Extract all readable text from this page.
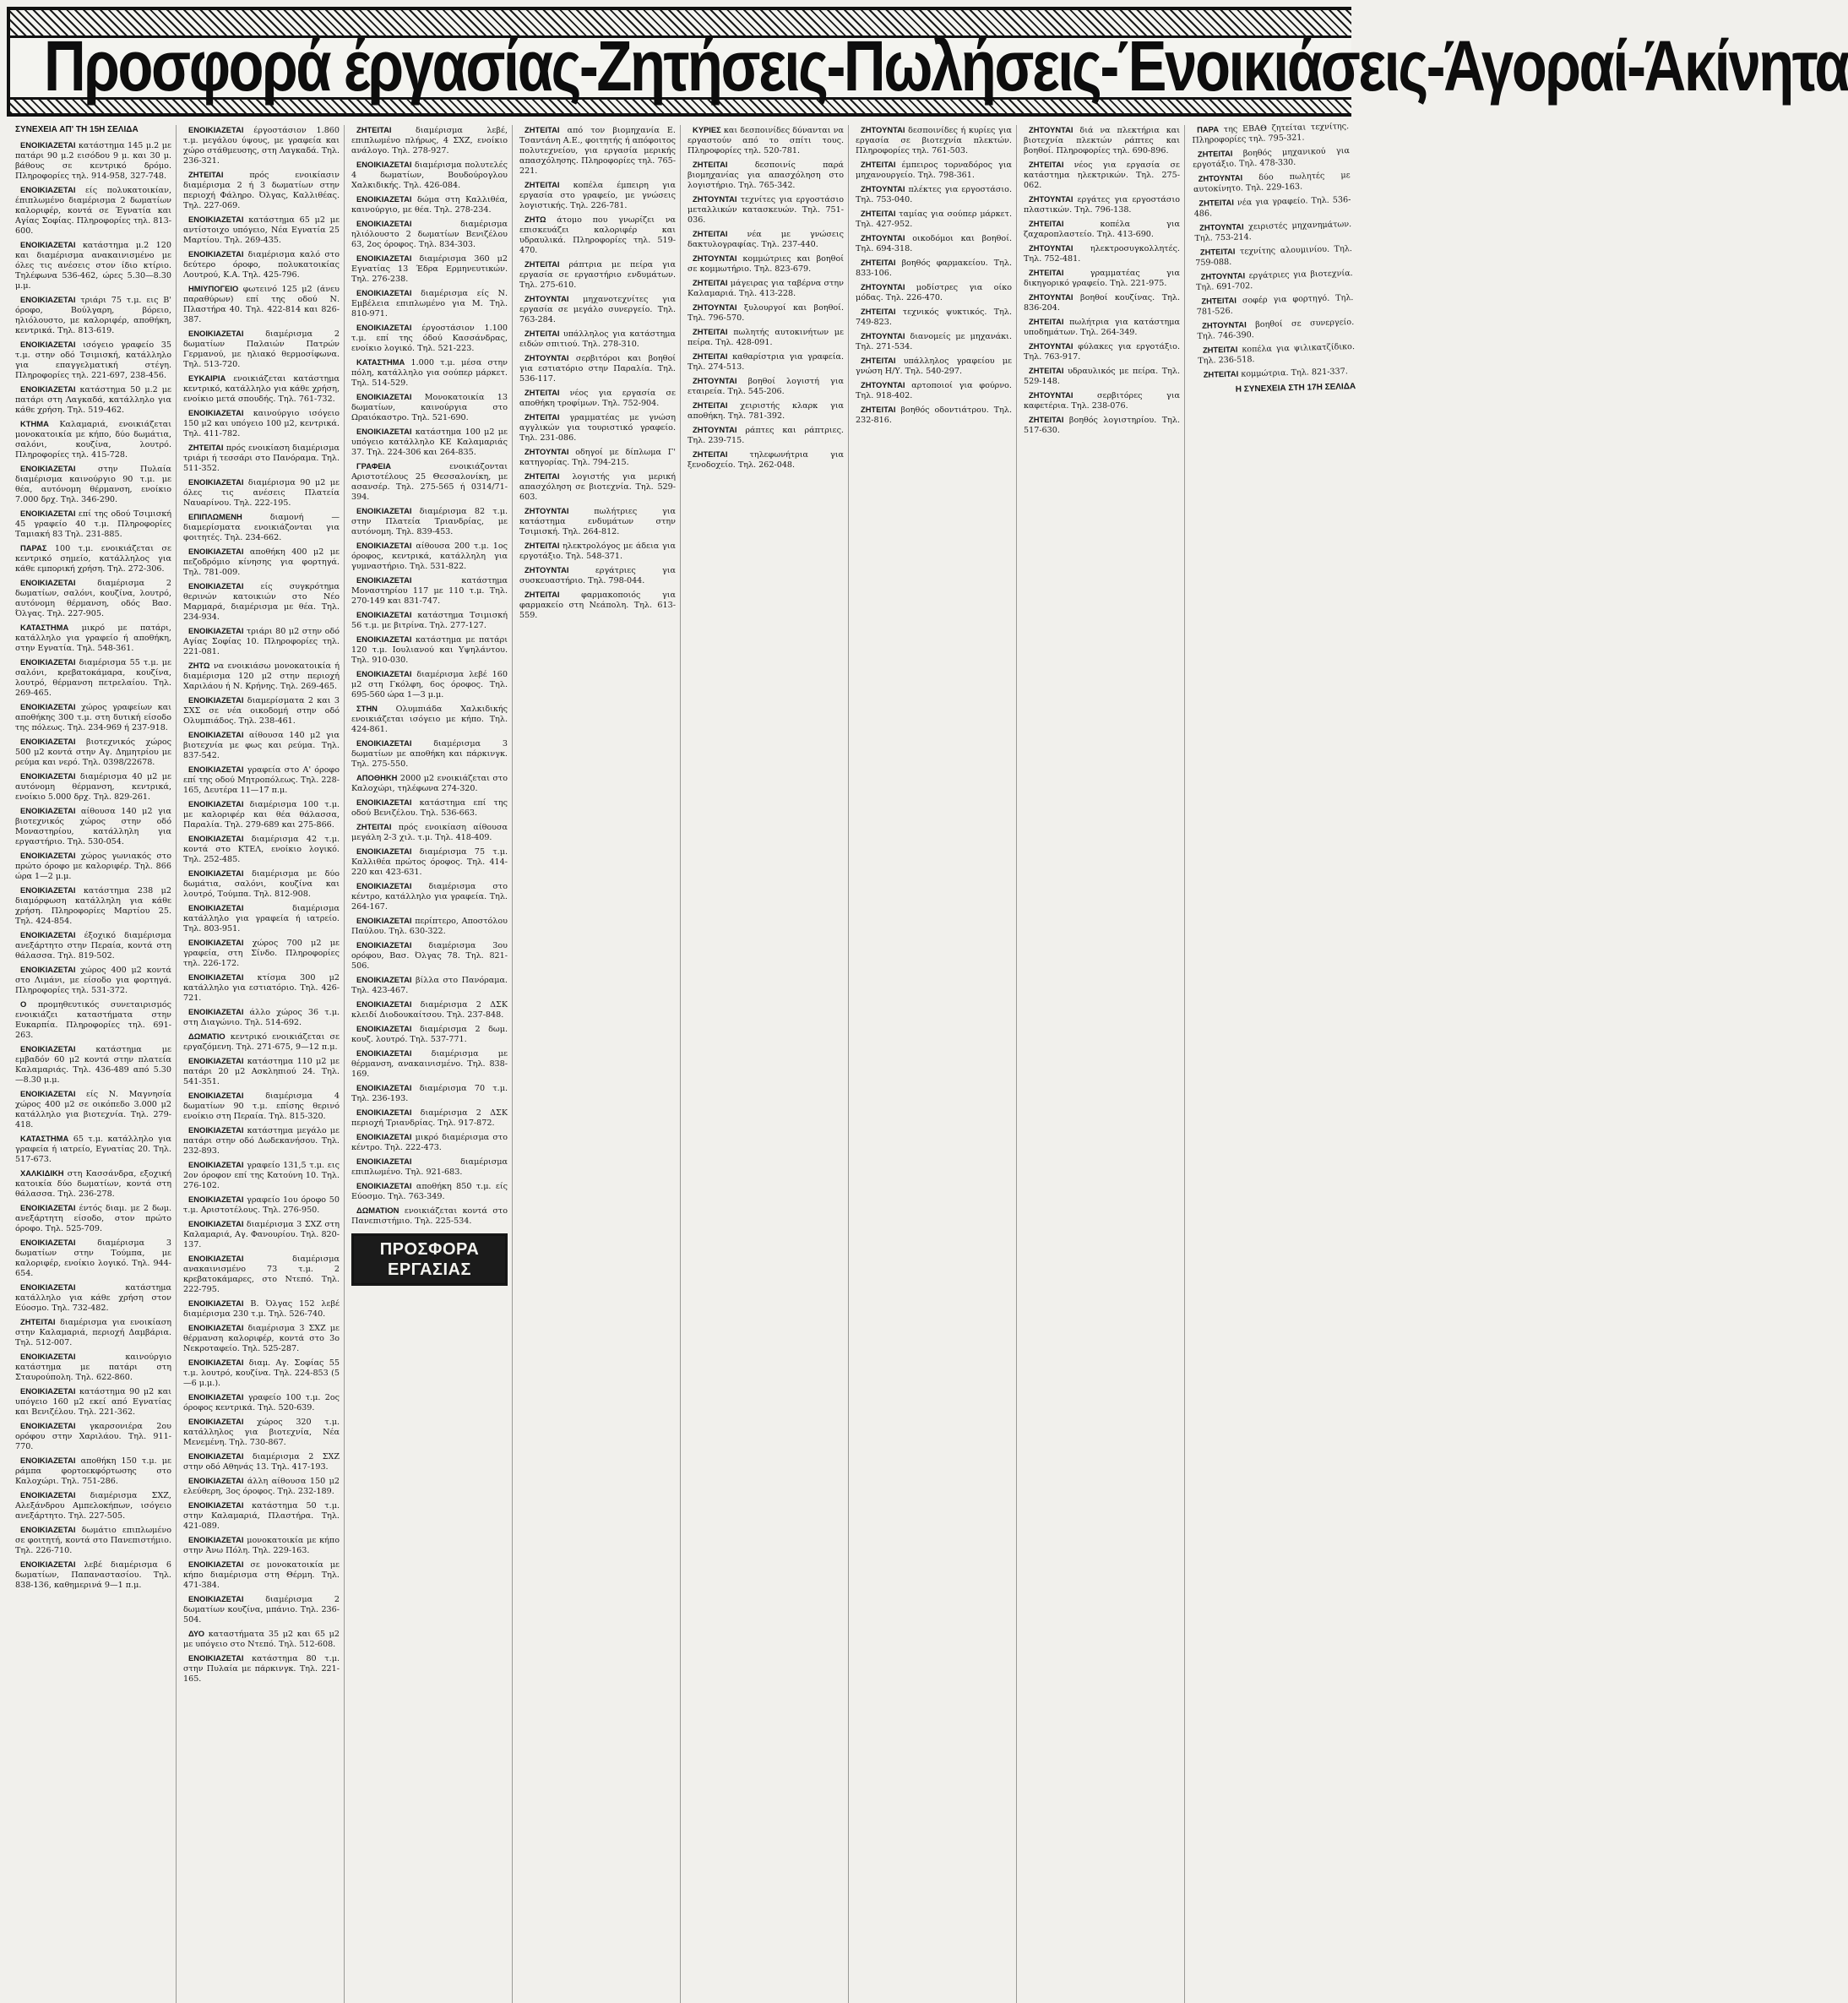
Προσφορά έργασίας-Ζητήσεις-Πωλήσεις-Ένοικιάσεις-Άγοραί-Άκίνητα
ΣΥΝΕΧΕΙΑ ΑΠ' ΤΗ 15Η ΣΕΛΙΔΑ

ΕΝΟΙΚΙΑΖΕΤΑΙ κατάστημα 145 μ.2 με πατάρι 90 μ.2 εισόδου 9 μ. και 30 μ. βάθους σε κεντρικό δρόμο. Πληροφορίες τηλ. 914-958, 327-748.

ΕΝΟΙΚΙΑΖΕΤΑΙ είς πολυκατοικίαν, έπιπλωμένο διαμέρισμα 2 δωματίων καλοριφέρ, κοντά σε Έγνατία και Αγίας Σοφίας. Πληροφορίες τηλ. 813-600.

ΕΝΟΙΚΙΑΖΕΤΑΙ κατάστημα μ.2 120 και διαμέρισμα ανακαινισμένο με όλες τις ανέσεις στον ίδιο κτίριο. Τηλέφωνα 536-462, ώρες 5.30—8.30 μ.μ.

ΕΝΟΙΚΙΑΖΕΤΑΙ τριάρι 75 τ.μ. εις Β' όροφο, Βούλγαρη, βόρειο, ηλιόλουστο, με καλοριφέρ, αποθήκη, κεντρικά. Τηλ. 813-619.

ΕΝΟΙΚΙΑΖΕΤΑΙ ισόγειο γραφείο 35 τ.μ. στην οδό Τσιμισκή, κατάλληλο για επαγγελματική στέγη. Πληροφορίες τηλ. 221-697, 238-456.

ΕΝΟΙΚΙΑΖΕΤΑΙ κατάστημα 50 μ.2 με πατάρι στη Λαγκαδά, κατάλληλο για κάθε χρήση. Τηλ. 519-462.

ΚΤΗΜΑ Καλαμαριά, ενοικιάζεται μονοκατοικία με κήπο, δύο δωμάτια, σαλόνι, κουζίνα, λουτρό. Πληροφορίες τηλ. 415-728.

ΕΝΟΙΚΙΑΖΕΤΑΙ στην Πυλαία διαμέρισμα καινούργιο 90 τ.μ. με θέα, αυτόνομη θέρμανση, ενοίκιο 7.000 δρχ. Τηλ. 346-290.

ΕΝΟΙΚΙΑΖΕΤΑΙ επί της οδού Τσιμισκή 45 γραφείο 40 τ.μ. Πληροφορίες Ταμιακή 83 Τηλ. 231-885.

ΠΑΡΑΣ 100 τ.μ. ενοικιάζεται σε κεντρικό σημείο, κατάλληλος για κάθε εμπορική χρήση. Τηλ. 272-306.

ΕΝΟΙΚΙΑΖΕΤΑΙ διαμέρισμα 2 δωματίων, σαλόνι, κουζίνα, λουτρό, αυτόνομη θέρμανση, οδός Βασ. Όλγας. Τηλ. 227-905.

ΚΑΤΑΣΤΗΜΑ μικρό με πατάρι, κατάλληλο για γραφείο ή αποθήκη, στην Εγνατία. Τηλ. 548-361.

ΕΝΟΙΚΙΑΖΕΤΑΙ διαμέρισμα 55 τ.μ. με σαλόνι, κρεβατοκάμαρα, κουζίνα, λουτρό, θέρμανση πετρελαίου. Τηλ. 269-465.

ΕΝΟΙΚΙΑΖΕΤΑΙ χώρος γραφείων και αποθήκης 300 τ.μ. στη δυτική είσοδο της πόλεως. Τηλ. 234-969 ή 237-918.

ΕΝΟΙΚΙΑΖΕΤΑΙ βιοτεχνικός χώρος 500 μ2 κοντά στην Αγ. Δημητρίου με ρεύμα και νερό. Τηλ. 0398/22678.

ΕΝΟΙΚΙΑΖΕΤΑΙ διαμέρισμα 40 μ2 με αυτόνομη θέρμανση, κεντρικά, ενοίκιο 5.000 δρχ. Τηλ. 829-261.

ΕΝΟΙΚΙΑΖΕΤΑΙ αίθουσα 140 μ2 για βιοτεχνικός χώρος στην οδό Μοναστηρίου, κατάλληλη για εργαστήριο. Τηλ. 530-054.

ΕΝΟΙΚΙΑΖΕΤΑΙ χώρος γωνιακός στο πρώτο όροφο με καλοριφέρ. Τηλ. 866 ώρα 1—2 μ.μ.

ΕΝΟΙΚΙΑΖΕΤΑΙ κατάστημα 238 μ2 διαμόρφωση κατάλληλη για κάθε χρήση. Πληροφορίες Μαρτίου 25. Τηλ. 424-854.

ΕΝΟΙΚΙΑΖΕΤΑΙ έξοχικό διαμέρισμα ανεξάρτητο στην Περαία, κοντά στη θάλασσα. Τηλ. 819-502.

ΕΝΟΙΚΙΑΖΕΤΑΙ χώρος 400 μ2 κοντά στο Λιμάνι, με είσοδο για φορτηγά. Πληροφορίες τηλ. 531-372.

Ο προμηθευτικός συνεταιρισμός ενοικιάζει καταστήματα στην Ευκαρπία. Πληροφορίες τηλ. 691-263.

ΕΝΟΙΚΙΑΖΕΤΑΙ κατάστημα με εμβαδόν 60 μ2 κοντά στην πλατεία Καλαμαριάς. Τηλ. 436-489 από 5.30—8.30 μ.μ.

ΕΝΟΙΚΙΑΖΕΤΑΙ είς Ν. Μαγνησία χώρος 400 μ2 σε οικόπεδο 3.000 μ2 κατάλληλο για βιοτεχνία. Τηλ. 279-418.

ΚΑΤΑΣΤΗΜΑ 65 τ.μ. κατάλληλο για γραφεία ή ιατρείο, Εγνατίας 20. Τηλ. 517-673.

ΧΑΛΚΙΔΙΚΗ στη Κασσάνδρα, εξοχική κατοικία δύο δωματίων, κοντά στη θάλασσα. Τηλ. 236-278.

ΕΝΟΙΚΙΑΖΕΤΑΙ έντός διαμ. με 2 δωμ. ανεξάρτητη είσοδο, στον πρώτο όροφο. Τηλ. 525-709.

ΕΝΟΙΚΙΑΖΕΤΑΙ διαμέρισμα 3 δωματίων στην Τούμπα, με καλοριφέρ, ενοίκιο λογικό. Τηλ. 944-654.

ΕΝΟΙΚΙΑΖΕΤΑΙ κατάστημα κατάλληλο για κάθε χρήση στον Εύοσμο. Τηλ. 732-482.

ΖΗΤΕΙΤΑΙ διαμέρισμα για ενοικίαση στην Καλαμαριά, περιοχή Δαμβάρια. Τηλ. 512-007.

ΕΝΟΙΚΙΑΖΕΤΑΙ καινούργιο κατάστημα με πατάρι στη Σταυρούπολη. Τηλ. 622-860.

ΕΝΟΙΚΙΑΖΕΤΑΙ κατάστημα 90 μ2 και υπόγειο 160 μ2 εκεί από Εγνατίας και Βενιζέλου. Τηλ. 221-362.

ΕΝΟΙΚΙΑΖΕΤΑΙ γκαρσονιέρα 2ου ορόφου στην Χαριλάου. Τηλ. 911-770.

ΕΝΟΙΚΙΑΖΕΤΑΙ αποθήκη 150 τ.μ. με ράμπα φορτοεκφόρτωσης στο Καλοχώρι. Τηλ. 751-286.

ΕΝΟΙΚΙΑΖΕΤΑΙ διαμέρισμα ΣΧΖ, Αλεξάνδρου Αμπελοκήπων, ισόγειο ανεξάρτητο. Τηλ. 227-505.

ΕΝΟΙΚΙΑΖΕΤΑΙ δωμάτιο επιπλωμένο σε φοιτητή, κοντά στο Πανεπιστήμιο. Τηλ. 226-710.

ΕΝΟΙΚΙΑΖΕΤΑΙ λεβέ διαμέρισμα 6 δωματίων, Παπαναστασίου. Τηλ. 838-136, καθημερινά 9—1 π.μ.

ΕΝΟΙΚΙΑΖΕΤΑΙ έργοστάσιον 1.860 τ.μ. μεγάλου ύψους, με γραφεία και χώρο στάθμευσης, στη Λαγκαδά. Τηλ. 236-321.

ΖΗΤΕΙΤΑΙ πρός ενοικίασιν διαμέρισμα 2 ή 3 δωματίων στην περιοχή Φάληρο. Όλγας, Καλλιθέας. Τηλ. 227-069.

ΕΝΟΙΚΙΑΖΕΤΑΙ κατάστημα 65 μ2 με αντίστοιχο υπόγειο, Νέα Εγνατία 25 Μαρτίου. Τηλ. 269-435.

ΕΝΟΙΚΙΑΖΕΤΑΙ διαμέρισμα καλό στο δεύτερο όροφο, πολυκατοικίας Λουτρού, Κ.Α. Τηλ. 425-796.

ΗΜΙΥΠΟΓΕΙΟ φωτεινό 125 μ2 (άνευ παραθύρων) επί της οδού Ν. Πλαστήρα 40. Τηλ. 422-814 και 826-387.

ΕΝΟΙΚΙΑΖΕΤΑΙ διαμέρισμα 2 δωματίων Παλαιών Πατρών Γερμανού, με ηλιακό θερμοσίφωνα. Τηλ. 513-720.

ΕΥΚΑΙΡΙΑ ενοικιάζεται κατάστημα κεντρικό, κατάλληλο για κάθε χρήση, ενοίκιο μετά σπουδής. Τηλ. 761-732.

ΕΝΟΙΚΙΑΖΕΤΑΙ καινούργιο ισόγειο 150 μ2 και υπόγειο 100 μ2, κεντρικά. Τηλ. 411-782.

ΖΗΤΕΙΤΑΙ πρός ενοικίαση διαμέρισμα τριάρι ή τεσσάρι στο Πανόραμα. Τηλ. 511-352.

ΕΝΟΙΚΙΑΖΕΤΑΙ διαμέρισμα 90 μ2 με όλες τις ανέσεις Πλατεία Ναυαρίνου. Τηλ. 222-195.

ΕΠΙΠΛΩΜΕΝΗ διαμονή — διαμερίσματα ενοικιάζονται για φοιτητές. Τηλ. 234-662.

ΕΝΟΙΚΙΑΖΕΤΑΙ αποθήκη 400 μ2 με πεζοδρόμιο κίνησης για φορτηγά. Τηλ. 781-009.

ΕΝΟΙΚΙΑΖΕΤΑΙ είς συγκρότημα θερινών κατοικιών στο Νέο Μαρμαρά, διαμέρισμα με θέα. Τηλ. 234-934.

ΕΝΟΙΚΙΑΖΕΤΑΙ τριάρι 80 μ2 στην οδό Αγίας Σοφίας 10. Πληροφορίες τηλ. 221-081.

ΖΗΤΩ να ενοικιάσω μονοκατοικία ή διαμέρισμα 120 μ2 στην περιοχή Χαριλάου ή Ν. Κρήνης. Τηλ. 269-465.

ΕΝΟΙΚΙΑΖΕΤΑΙ διαμερίσματα 2 και 3 ΣΧΣ σε νέα οικοδομή στην οδό Ολυμπιάδος. Τηλ. 238-461.

ΕΝΟΙΚΙΑΖΕΤΑΙ αίθουσα 140 μ2 για βιοτεχνία με φως και ρεύμα. Τηλ. 837-542.

ΕΝΟΙΚΙΑΖΕΤΑΙ γραφεία στο Α' όροφο επί της οδού Μητροπόλεως. Τηλ. 228-165, Δευτέρα 11—17 π.μ.

ΕΝΟΙΚΙΑΖΕΤΑΙ διαμέρισμα 100 τ.μ. με καλοριφέρ και θέα θάλασσα, Παραλία. Τηλ. 279-689 και 275-866.

ΕΝΟΙΚΙΑΖΕΤΑΙ διαμέρισμα 42 τ.μ. κοντά στο ΚΤΕΛ, ενοίκιο λογικό. Τηλ. 252-485.

ΕΝΟΙΚΙΑΖΕΤΑΙ διαμέρισμα με δύο δωμάτια, σαλόνι, κουζίνα και λουτρό, Τούμπα. Τηλ. 812-908.

ΕΝΟΙΚΙΑΖΕΤΑΙ διαμέρισμα κατάλληλο για γραφεία ή ιατρείο. Τηλ. 803-951.

ΕΝΟΙΚΙΑΖΕΤΑΙ χώρος 700 μ2 με γραφεία, στη Σίνδο. Πληροφορίες τηλ. 226-172.

ΕΝΟΙΚΙΑΖΕΤΑΙ κτίσμα 300 μ2 κατάλληλο για εστιατόριο. Τηλ. 426-721.

ΕΝΟΙΚΙΑΖΕΤΑΙ άλλο χώρος 36 τ.μ. στη Διαγώνιο. Τηλ. 514-692.

ΔΩΜΑΤΙΟ κεντρικό ενοικιάζεται σε εργαζόμενη. Τηλ. 271-675, 9—12 π.μ.

ΕΝΟΙΚΙΑΖΕΤΑΙ κατάστημα 110 μ2 με πατάρι 20 μ2 Ασκληπιού 24. Τηλ. 541-351.

ΕΝΟΙΚΙΑΖΕΤΑΙ διαμέρισμα 4 δωματίων 90 τ.μ. επίσης θερινό ενοίκιο στη Περαία. Τηλ. 815-320.

ΕΝΟΙΚΙΑΖΕΤΑΙ κατάστημα μεγάλο με πατάρι στην οδό Δωδεκανήσου. Τηλ. 232-893.

ΕΝΟΙΚΙΑΖΕΤΑΙ γραφείο 131,5 τ.μ. εις 2ον όροφον επί της Κατούνη 10. Τηλ. 276-102.

ΕΝΟΙΚΙΑΖΕΤΑΙ γραφείο 1ου όροφο 50 τ.μ. Αριστοτέλους. Τηλ. 276-950.

ΕΝΟΙΚΙΑΖΕΤΑΙ διαμέρισμα 3 ΣΧΖ στη Καλαμαριά, Αγ. Φανουρίου. Τηλ. 820-137.

ΕΝΟΙΚΙΑΖΕΤΑΙ διαμέρισμα ανακαινισμένο 73 τ.μ. 2 κρεβατοκάμαρες, στο Ντεπό. Τηλ. 222-795.

ΕΝΟΙΚΙΑΖΕΤΑΙ Β. Όλγας 152 λεβέ διαμέρισμα 230 τ.μ. Τηλ. 526-740.

ΕΝΟΙΚΙΑΖΕΤΑΙ διαμέρισμα 3 ΣΧΖ με θέρμανση καλοριφέρ, κοντά στο 3ο Νεκροταφείο. Τηλ. 525-287.

ΕΝΟΙΚΙΑΖΕΤΑΙ διαμ. Αγ. Σοφίας 55 τ.μ. λουτρό, κουζίνα. Τηλ. 224-853 (5—6 μ.μ.).

ΕΝΟΙΚΙΑΖΕΤΑΙ γραφείο 100 τ.μ. 2ος όροφος κεντρικά. Τηλ. 520-639.

ΕΝΟΙΚΙΑΖΕΤΑΙ χώρος 320 τ.μ. κατάλληλος για βιοτεχνία, Νέα Μενεμένη. Τηλ. 730-867.

ΕΝΟΙΚΙΑΖΕΤΑΙ διαμέρισμα 2 ΣΧΖ στην οδό Αθηνάς 13. Τηλ. 417-193.

ΕΝΟΙΚΙΑΖΕΤΑΙ άλλη αίθουσα 150 μ2 ελεύθερη, 3ος όροφος. Τηλ. 232-189.

ΕΝΟΙΚΙΑΖΕΤΑΙ κατάστημα 50 τ.μ. στην Καλαμαριά, Πλαστήρα. Τηλ. 421-089.

ΕΝΟΙΚΙΑΖΕΤΑΙ μονοκατοικία με κήπο στην Άνω Πόλη. Τηλ. 229-163.

ΕΝΟΙΚΙΑΖΕΤΑΙ σε μονοκατοικία με κήπο διαμέρισμα στη Θέρμη. Τηλ. 471-384.

ΕΝΟΙΚΙΑΖΕΤΑΙ διαμέρισμα 2 δωματίων κουζίνα, μπάνιο. Τηλ. 236-504.

ΔΥΟ καταστήματα 35 μ2 και 65 μ2 με υπόγειο στο Ντεπό. Τηλ. 512-608.

ΕΝΟΙΚΙΑΖΕΤΑΙ κατάστημα 80 τ.μ. στην Πυλαία με πάρκινγκ. Τηλ. 221-165.

ΖΗΤΕΙΤΑΙ διαμέρισμα λεβέ, επιπλωμένο πλήρως, 4 ΣΧΖ, ενοίκιο ανάλογο. Τηλ. 278-927.

ΕΝΟΙΚΙΑΖΕΤΑΙ διαμέρισμα πολυτελές 4 δωματίων, Βουδούρογλου Χαλκιδικής. Τηλ. 426-084.

ΕΝΟΙΚΙΑΖΕΤΑΙ δώμα στη Καλλιθέα, καινούργιο, με θέα. Τηλ. 278-234.

ΕΝΟΙΚΙΑΖΕΤΑΙ διαμέρισμα ηλιόλουστο 2 δωματίων Βενιζέλου 63, 2ος όροφος. Τηλ. 834-303.

ΕΝΟΙΚΙΑΖΕΤΑΙ διαμέρισμα 360 μ2 Εγνατίας 13 Έδρα Ερμηνευτικών. Τηλ. 276-238.

ΕΝΟΙΚΙΑΖΕΤΑΙ διαμέρισμα είς Ν. Εμβέλεια επιπλωμένο για Μ. Τηλ. 810-971.

ΕΝΟΙΚΙΑΖΕΤΑΙ έργοστάσιον 1.100 τ.μ. επί της όδού Κασσάνδρας, ενοίκιο λογικό. Τηλ. 521-223.

ΚΑΤΑΣΤΗΜΑ 1.000 τ.μ. μέσα στην πόλη, κατάλληλο για σούπερ μάρκετ. Τηλ. 514-529.

ΕΝΟΙΚΙΑΖΕΤΑΙ Μονοκατοικία 13 δωματίων, καινούργια στο Ωραιόκαστρο. Τηλ. 521-690.

ΕΝΟΙΚΙΑΖΕΤΑΙ κατάστημα 100 μ2 με υπόγειο κατάλληλο ΚΕ Καλαμαριάς 37. Τηλ. 224-306 και 264-835.

ΓΡΑΦΕΙΑ ενοικιάζονται Αριστοτέλους 25 Θεσσαλονίκη, με ασανσέρ. Τηλ. 275-565 ή 0314/71-394.

ΕΝΟΙΚΙΑΖΕΤΑΙ διαμέρισμα 82 τ.μ. στην Πλατεία Τριανδρίας, με αυτόνομη. Τηλ. 839-453.

ΕΝΟΙΚΙΑΖΕΤΑΙ αίθουσα 200 τ.μ. 1ος όροφος, κεντρικά, κατάλληλη για γυμναστήριο. Τηλ. 531-822.

ΕΝΟΙΚΙΑΖΕΤΑΙ κατάστημα Μοναστηρίου 117 με 110 τ.μ. Τηλ. 270-149 και 831-747.

ΕΝΟΙΚΙΑΖΕΤΑΙ κατάστημα Τσιμισκή 56 τ.μ. με βιτρίνα. Τηλ. 277-127.

ΕΝΟΙΚΙΑΖΕΤΑΙ κατάστημα με πατάρι 120 τ.μ. Ιουλιανού και Υψηλάντου. Τηλ. 910-030.

ΕΝΟΙΚΙΑΖΕΤΑΙ διαμέρισμα λεβέ 160 μ2 στη Γκόλφη, 6ος όροφος. Τηλ. 695-560 ώρα 1—3 μ.μ.

ΣΤΗΝ Ολυμπιάδα Χαλκιδικής ενοικιάζεται ισόγειο με κήπο. Τηλ. 424-861.

ΕΝΟΙΚΙΑΖΕΤΑΙ διαμέρισμα 3 δωματίων με αποθήκη και πάρκινγκ. Τηλ. 275-550.

ΑΠΟΘΗΚΗ 2000 μ2 ενοικιάζεται στο Καλοχώρι, τηλέφωνα 274-320.

ΕΝΟΙΚΙΑΖΕΤΑΙ κατάστημα επί της οδού Βενιζέλου. Τηλ. 536-663.

ΖΗΤΕΙΤΑΙ πρός ενοικίαση αίθουσα μεγάλη 2-3 χιλ. τ.μ. Τηλ. 418-409.

ΕΝΟΙΚΙΑΖΕΤΑΙ διαμέρισμα 75 τ.μ. Καλλιθέα πρώτος όροφος. Τηλ. 414-220 και 423-631.

ΕΝΟΙΚΙΑΖΕΤΑΙ διαμέρισμα στο κέντρο, κατάλληλο για γραφεία. Τηλ. 264-167.

ΕΝΟΙΚΙΑΖΕΤΑΙ περίπτερο, Αποστόλου Παύλου. Τηλ. 630-322.

ΕΝΟΙΚΙΑΖΕΤΑΙ διαμέρισμα 3ου ορόφου, Βασ. Όλγας 78. Τηλ. 821-506.

ΕΝΟΙΚΙΑΖΕΤΑΙ βίλλα στο Πανόραμα. Τηλ. 423-467.

ΕΝΟΙΚΙΑΖΕΤΑΙ διαμέρισμα 2 ΔΣΚ κλειδί Διοδουκαίτσου. Τηλ. 237-848.

ΕΝΟΙΚΙΑΖΕΤΑΙ διαμέρισμα 2 δωμ. κουζ. λουτρό. Τηλ. 537-771.

ΕΝΟΙΚΙΑΖΕΤΑΙ διαμέρισμα με θέρμανση, ανακαινισμένο. Τηλ. 838-169.

ΕΝΟΙΚΙΑΖΕΤΑΙ διαμέρισμα 70 τ.μ. Τηλ. 236-193.

ΕΝΟΙΚΙΑΖΕΤΑΙ διαμέρισμα 2 ΔΣΚ περιοχή Τριανδρίας. Τηλ. 917-872.

ΕΝΟΙΚΙΑΖΕΤΑΙ μικρό διαμέρισμα στο κέντρο. Τηλ. 222-473.

ΕΝΟΙΚΙΑΖΕΤΑΙ διαμέρισμα επιπλωμένο. Τηλ. 921-683.

ΕΝΟΙΚΙΑΖΕΤΑΙ αποθήκη 850 τ.μ. είς Εύοσμο. Τηλ. 763-349.

ΔΩΜΑΤΙΟΝ ενοικιάζεται κοντά στο Πανεπιστήμιο. Τηλ. 225-534.

ΠΡΟΣΦΟΡΑ ΕΡΓΑΣΙΑΣ

ΖΗΤΕΙΤΑΙ από τον βιομηχανία Ε. Τσαντάνη Α.Ε., φοιτητής ή απόφοιτος πολυτεχνείου, για εργασία μερικής απασχόλησης. Πληροφορίες τηλ. 765-221.

ΖΗΤΕΙΤΑΙ κοπέλα έμπειρη για εργασία στο γραφείο, με γνώσεις λογιστικής. Τηλ. 226-781.

ΖΗΤΩ άτομο που γνωρίζει να επισκευάζει καλοριφέρ και υδραυλικά. Πληροφορίες τηλ. 519-470.

ΖΗΤΕΙΤΑΙ ράπτρια με πείρα για εργασία σε εργαστήριο ενδυμάτων. Τηλ. 275-610.

ΖΗΤΟΥΝΤΑΙ μηχανοτεχνίτες για εργασία σε μεγάλο συνεργείο. Τηλ. 763-284.

ΖΗΤΕΙΤΑΙ υπάλληλος για κατάστημα ειδών σπιτιού. Τηλ. 278-310.

ΖΗΤΟΥΝΤΑΙ σερβιτόροι και βοηθοί για εστιατόριο στην Παραλία. Τηλ. 536-117.

ΖΗΤΕΙΤΑΙ νέος για εργασία σε αποθήκη τροφίμων. Τηλ. 752-904.

ΖΗΤΕΙΤΑΙ γραμματέας με γνώση αγγλικών για τουριστικό γραφείο. Τηλ. 231-086.

ΖΗΤΟΥΝΤΑΙ οδηγοί με δίπλωμα Γ' κατηγορίας. Τηλ. 794-215.

ΖΗΤΕΙΤΑΙ λογιστής για μερική απασχόληση σε βιοτεχνία. Τηλ. 529-603.

ΖΗΤΟΥΝΤΑΙ πωλήτριες για κατάστημα ενδυμάτων στην Τσιμισκή. Τηλ. 264-812.

ΖΗΤΕΙΤΑΙ ηλεκτρολόγος με άδεια για εργοτάξιο. Τηλ. 548-371.

ΖΗΤΟΥΝΤΑΙ εργάτριες για συσκευαστήριο. Τηλ. 798-044.

ΖΗΤΕΙΤΑΙ φαρμακοποιός για φαρμακείο στη Νεάπολη. Τηλ. 613-559.

ΚΥΡΙΕΣ και δεσποινίδες δύνανται να εργαστούν από το σπίτι τους. Πληροφορίες τηλ. 520-781.

ΖΗΤΕΙΤΑΙ δεσποινίς παρά βιομηχανίας για απασχόληση στο λογιστήριο. Τηλ. 765-342.

ΖΗΤΟΥΝΤΑΙ τεχνίτες για εργοστάσιο μεταλλικών κατασκευών. Τηλ. 751-036.

ΖΗΤΕΙΤΑΙ νέα με γνώσεις δακτυλογραφίας. Τηλ. 237-440.

ΖΗΤΟΥΝΤΑΙ κομμώτριες και βοηθοί σε κομμωτήριο. Τηλ. 823-679.

ΖΗΤΕΙΤΑΙ μάγειρας για ταβέρνα στην Καλαμαριά. Τηλ. 413-228.

ΖΗΤΟΥΝΤΑΙ ξυλουργοί και βοηθοί. Τηλ. 796-570.

ΖΗΤΕΙΤΑΙ πωλητής αυτοκινήτων με πείρα. Τηλ. 428-091.

ΖΗΤΕΙΤΑΙ καθαρίστρια για γραφεία. Τηλ. 274-513.

ΖΗΤΟΥΝΤΑΙ βοηθοί λογιστή για εταιρεία. Τηλ. 545-206.

ΖΗΤΕΙΤΑΙ χειριστής κλαρκ για αποθήκη. Τηλ. 781-392.

ΖΗΤΟΥΝΤΑΙ ράπτες και ράπτριες. Τηλ. 239-715.

ΖΗΤΕΙΤΑΙ τηλεφωνήτρια για ξενοδοχείο. Τηλ. 262-048.

ΖΗΤΟΥΝΤΑΙ δεσποινίδες ή κυρίες για εργασία σε βιοτεχνία πλεκτών. Πληροφορίες τηλ. 761-503.

ΖΗΤΕΙΤΑΙ έμπειρος τορναδόρος για μηχανουργείο. Τηλ. 798-361.

ΖΗΤΟΥΝΤΑΙ πλέκτες για εργοστάσιο. Τηλ. 753-040.

ΖΗΤΕΙΤΑΙ ταμίας για σούπερ μάρκετ. Τηλ. 427-952.

ΖΗΤΟΥΝΤΑΙ οικοδόμοι και βοηθοί. Τηλ. 694-318.

ΖΗΤΕΙΤΑΙ βοηθός φαρμακείου. Τηλ. 833-106.

ΖΗΤΟΥΝΤΑΙ μοδίστρες για οίκο μόδας. Τηλ. 226-470.

ΖΗΤΕΙΤΑΙ τεχνικός ψυκτικός. Τηλ. 749-823.

ΖΗΤΟΥΝΤΑΙ διανομείς με μηχανάκι. Τηλ. 271-534.

ΖΗΤΕΙΤΑΙ υπάλληλος γραφείου με γνώση Η/Υ. Τηλ. 540-297.

ΖΗΤΟΥΝΤΑΙ αρτοποιοί για φούρνο. Τηλ. 918-402.

ΖΗΤΕΙΤΑΙ βοηθός οδοντιάτρου. Τηλ. 232-816.

ΖΗΤΟΥΝΤΑΙ διά να πλεκτήρια και βιοτεχνία πλεκτών ράπτες και βοηθοί. Πληροφορίες τηλ. 690-896.

ΖΗΤΕΙΤΑΙ νέος για εργασία σε κατάστημα ηλεκτρικών. Τηλ. 275-062.

ΖΗΤΟΥΝΤΑΙ εργάτες για εργοστάσιο πλαστικών. Τηλ. 796-138.

ΖΗΤΕΙΤΑΙ κοπέλα για ζαχαροπλαστείο. Τηλ. 413-690.

ΖΗΤΟΥΝΤΑΙ ηλεκτροσυγκολλητές. Τηλ. 752-481.

ΖΗΤΕΙΤΑΙ γραμματέας για δικηγορικό γραφείο. Τηλ. 221-975.

ΖΗΤΟΥΝΤΑΙ βοηθοί κουζίνας. Τηλ. 836-204.

ΖΗΤΕΙΤΑΙ πωλήτρια για κατάστημα υποδημάτων. Τηλ. 264-349.

ΖΗΤΟΥΝΤΑΙ φύλακες για εργοτάξιο. Τηλ. 763-917.

ΖΗΤΕΙΤΑΙ υδραυλικός με πείρα. Τηλ. 529-148.

ΖΗΤΟΥΝΤΑΙ σερβιτόρες για καφετέρια. Τηλ. 238-076.

ΖΗΤΕΙΤΑΙ βοηθός λογιστηρίου. Τηλ. 517-630.

ΠΑΡΑ της ΕΒΑΘ ζητείται τεχνίτης. Πληροφορίες τηλ. 795-321.

ΖΗΤΕΙΤΑΙ βοηθός μηχανικού για εργοτάξιο. Τηλ. 478-330.

ΖΗΤΟΥΝΤΑΙ δύο πωλητές με αυτοκίνητο. Τηλ. 229-163.

ΖΗΤΕΙΤΑΙ νέα για γραφείο. Τηλ. 536-486.

ΖΗΤΟΥΝΤΑΙ χειριστές μηχανημάτων. Τηλ. 753-214.

ΖΗΤΕΙΤΑΙ τεχνίτης αλουμινίου. Τηλ. 759-088.

ΖΗΤΟΥΝΤΑΙ εργάτριες για βιοτεχνία. Τηλ. 691-702.

ΖΗΤΕΙΤΑΙ σοφέρ για φορτηγό. Τηλ. 781-526.

ΖΗΤΟΥΝΤΑΙ βοηθοί σε συνεργείο. Τηλ. 746-390.

ΖΗΤΕΙΤΑΙ κοπέλα για ψιλικατζίδικο. Τηλ. 236-518.

ΖΗΤΕΙΤΑΙ κομμώτρια. Τηλ. 821-337.

Η ΣΥΝΕΧΕΙΑ ΣΤΗ 17Η ΣΕΛΙΔΑ
